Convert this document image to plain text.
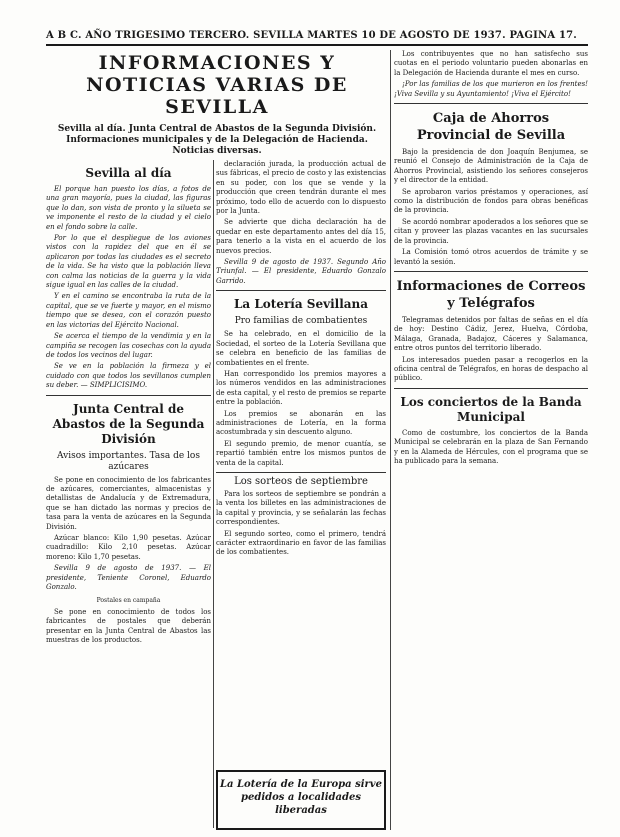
A B C. AÑO TRIGESIMO TERCERO. SEVILLA MARTES 10 DE AGOSTO DE 1937. PAGINA 17.
INFORMACIONES Y NOTICIAS VARIAS DE SEVILLA
Sevilla al día. Junta Central de Abastos de la Segunda División. Informaciones municipales y de la Delegación de Hacienda. Noticias diversas.
Sevilla al día

El porque han puesto los días, a fotos de una gran mayoría, pues la ciudad, las figuras que lo dan, son vista de pronto y la silueta se ve imponente el resto de la ciudad y el cielo en el fondo sobre la calle.

Por lo que el despliegue de los aviones vistos con la rapidez del que en él se aplicaron por todas las ciudades es el secreto de la vida. Se ha visto que la población lleva con calma las noticias de la guerra y la vida sigue igual en las calles de la ciudad.

Y en el camino se encontraba la ruta de la capital, que se ve fuerte y mayor, en el mismo tiempo que se desea, con el corazón puesto en las victorias del Ejército Nacional.

Se acerca el tiempo de la vendimia y en la campiña se recogen las cosechas con la ayuda de todos los vecinos del lugar.

Se ve en la población la firmeza y el cuidado con que todos los sevillanos cumplen su deber. — SIMPLICISIMO.

Junta Central de Abastos de la Segunda División
Avisos importantes. Tasa de los azúcares

Se pone en conocimiento de los fabricantes de azúcares, comerciantes, almacenistas y detallistas de Andalucía y de Extremadura, que se han dictado las normas y precios de tasa para la venta de azúcares en la Segunda División.

Azúcar blanco: Kilo 1,90 pesetas. Azúcar cuadradillo: Kilo 2,10 pesetas. Azúcar moreno: Kilo 1,70 pesetas.

Sevilla 9 de agosto de 1937. — El presidente, Teniente Coronel, Eduardo Gonzalo.

Postales en campaña

Se pone en conocimiento de todos los fabricantes de postales que deberán presentar en la Junta Central de Abastos las muestras de los productos.

declaración jurada, la producción actual de sus fábricas, el precio de costo y las existencias en su poder, con los que se vende y la producción que creen tendrán durante el mes próximo, todo ello de acuerdo con lo dispuesto por la Junta.

Se advierte que dicha declaración ha de quedar en este departamento antes del día 15, para tenerlo a la vista en el acuerdo de los nuevos precios.

Sevilla 9 de agosto de 1937. Segundo Año Triunfal. — El presidente, Eduardo Gonzalo Garrido.

La Lotería Sevillana
Pro familias de combatientes

Se ha celebrado, en el domicilio de la Sociedad, el sorteo de la Lotería Sevillana que se celebra en beneficio de las familias de combatientes en el frente.

Han correspondido los premios mayores a los números vendidos en las administraciones de esta capital, y el resto de premios se reparte entre la población.

Los premios se abonarán en las administraciones de Lotería, en la forma acostumbrada y sin descuento alguno.

El segundo premio, de menor cuantía, se repartió también entre los mismos puntos de venta de la capital.

Los sorteos de septiembre

Para los sorteos de septiembre se pondrán a la venta los billetes en las administraciones de la capital y provincia, y se señalarán las fechas correspondientes.

El segundo sorteo, como el primero, tendrá carácter extraordinario en favor de las familias de los combatientes.

La Lotería de la Europa sirve pedidos a localidades liberadas

Los contribuyentes que no han satisfecho sus cuotas en el periodo voluntario pueden abonarlas en la Delegación de Hacienda durante el mes en curso.

¡Por las familias de los que murieron en los frentes! ¡Viva Sevilla y su Ayuntamiento! ¡Viva el Ejército!

Caja de Ahorros Provincial de Sevilla

Bajo la presidencia de don Joaquín Benjumea, se reunió el Consejo de Administración de la Caja de Ahorros Provincial, asistiendo los señores consejeros y el director de la entidad.

Se aprobaron varios préstamos y operaciones, así como la distribución de fondos para obras benéficas de la provincia.

Se acordó nombrar apoderados a los señores que se citan y proveer las plazas vacantes en las sucursales de la provincia.

La Comisión tomó otros acuerdos de trámite y se levantó la sesión.

Informaciones de Correos y Telégrafos

Telegramas detenidos por faltas de señas en el día de hoy: Destino Cádiz, Jerez, Huelva, Córdoba, Málaga, Granada, Badajoz, Cáceres y Salamanca, entre otros puntos del territorio liberado.

Los interesados pueden pasar a recogerlos en la oficina central de Telégrafos, en horas de despacho al público.

Los conciertos de la Banda Municipal

Como de costumbre, los conciertos de la Banda Municipal se celebrarán en la plaza de San Fernando y en la Alameda de Hércules, con el programa que se ha publicado para la semana.
